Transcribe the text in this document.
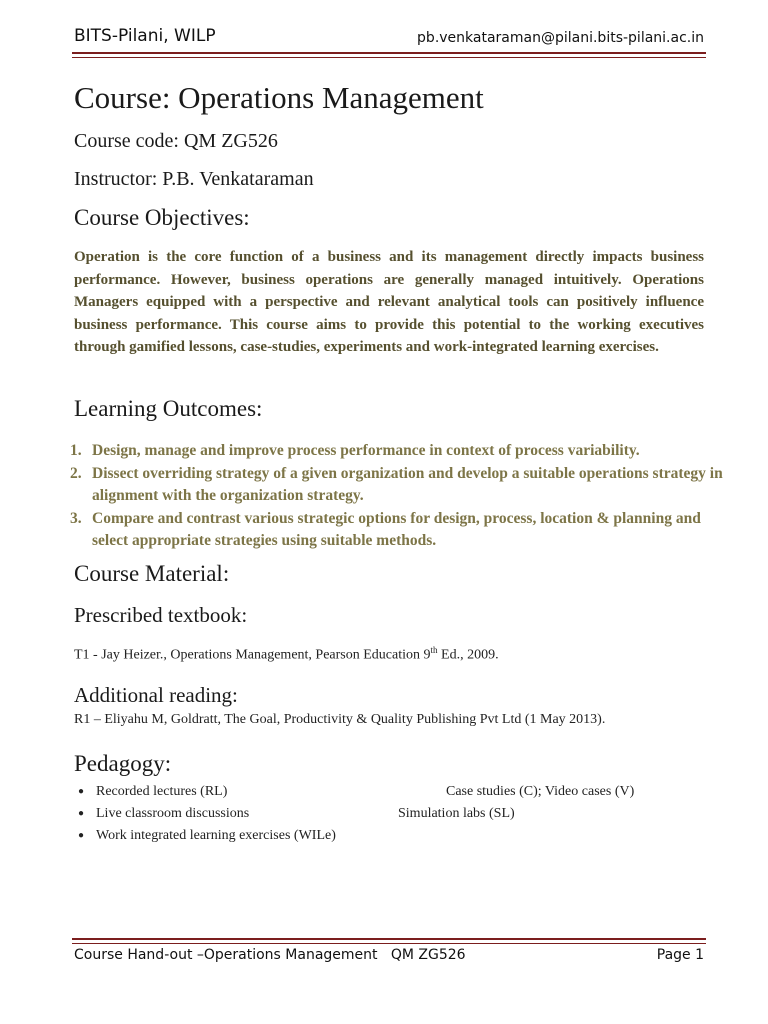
BITS-Pilani, WILP	pb.venkataraman@pilani.bits-pilani.ac.in
Course: Operations Management
Course code: QM ZG526
Instructor: P.B. Venkataraman
Course Objectives:
Operation is the core function of a business and its management directly impacts business performance. However, business operations are generally managed intuitively. Operations Managers equipped with a perspective and relevant analytical tools can positively influence business performance. This course aims to provide this potential to the working executives through gamified lessons, case-studies, experiments and work-integrated learning exercises.
Learning Outcomes:
1. Design, manage and improve process performance in context of process variability.
2. Dissect overriding strategy of a given organization and develop a suitable operations strategy in alignment with the organization strategy.
3. Compare and contrast various strategic options for design, process, location & planning and select appropriate strategies using suitable methods.
Course Material:
Prescribed textbook:
T1 - Jay Heizer., Operations Management, Pearson Education 9th Ed., 2009.
Additional reading:
R1 – Eliyahu M, Goldratt, The Goal, Productivity & Quality Publishing Pvt Ltd (1 May 2013).
Pedagogy:
● Recorded lectures (RL)	Case studies (C); Video cases (V)
● Live classroom discussions	Simulation labs (SL)
● Work integrated learning exercises (WILe)
Course Hand-out –Operations Management   QM ZG526	Page 1
